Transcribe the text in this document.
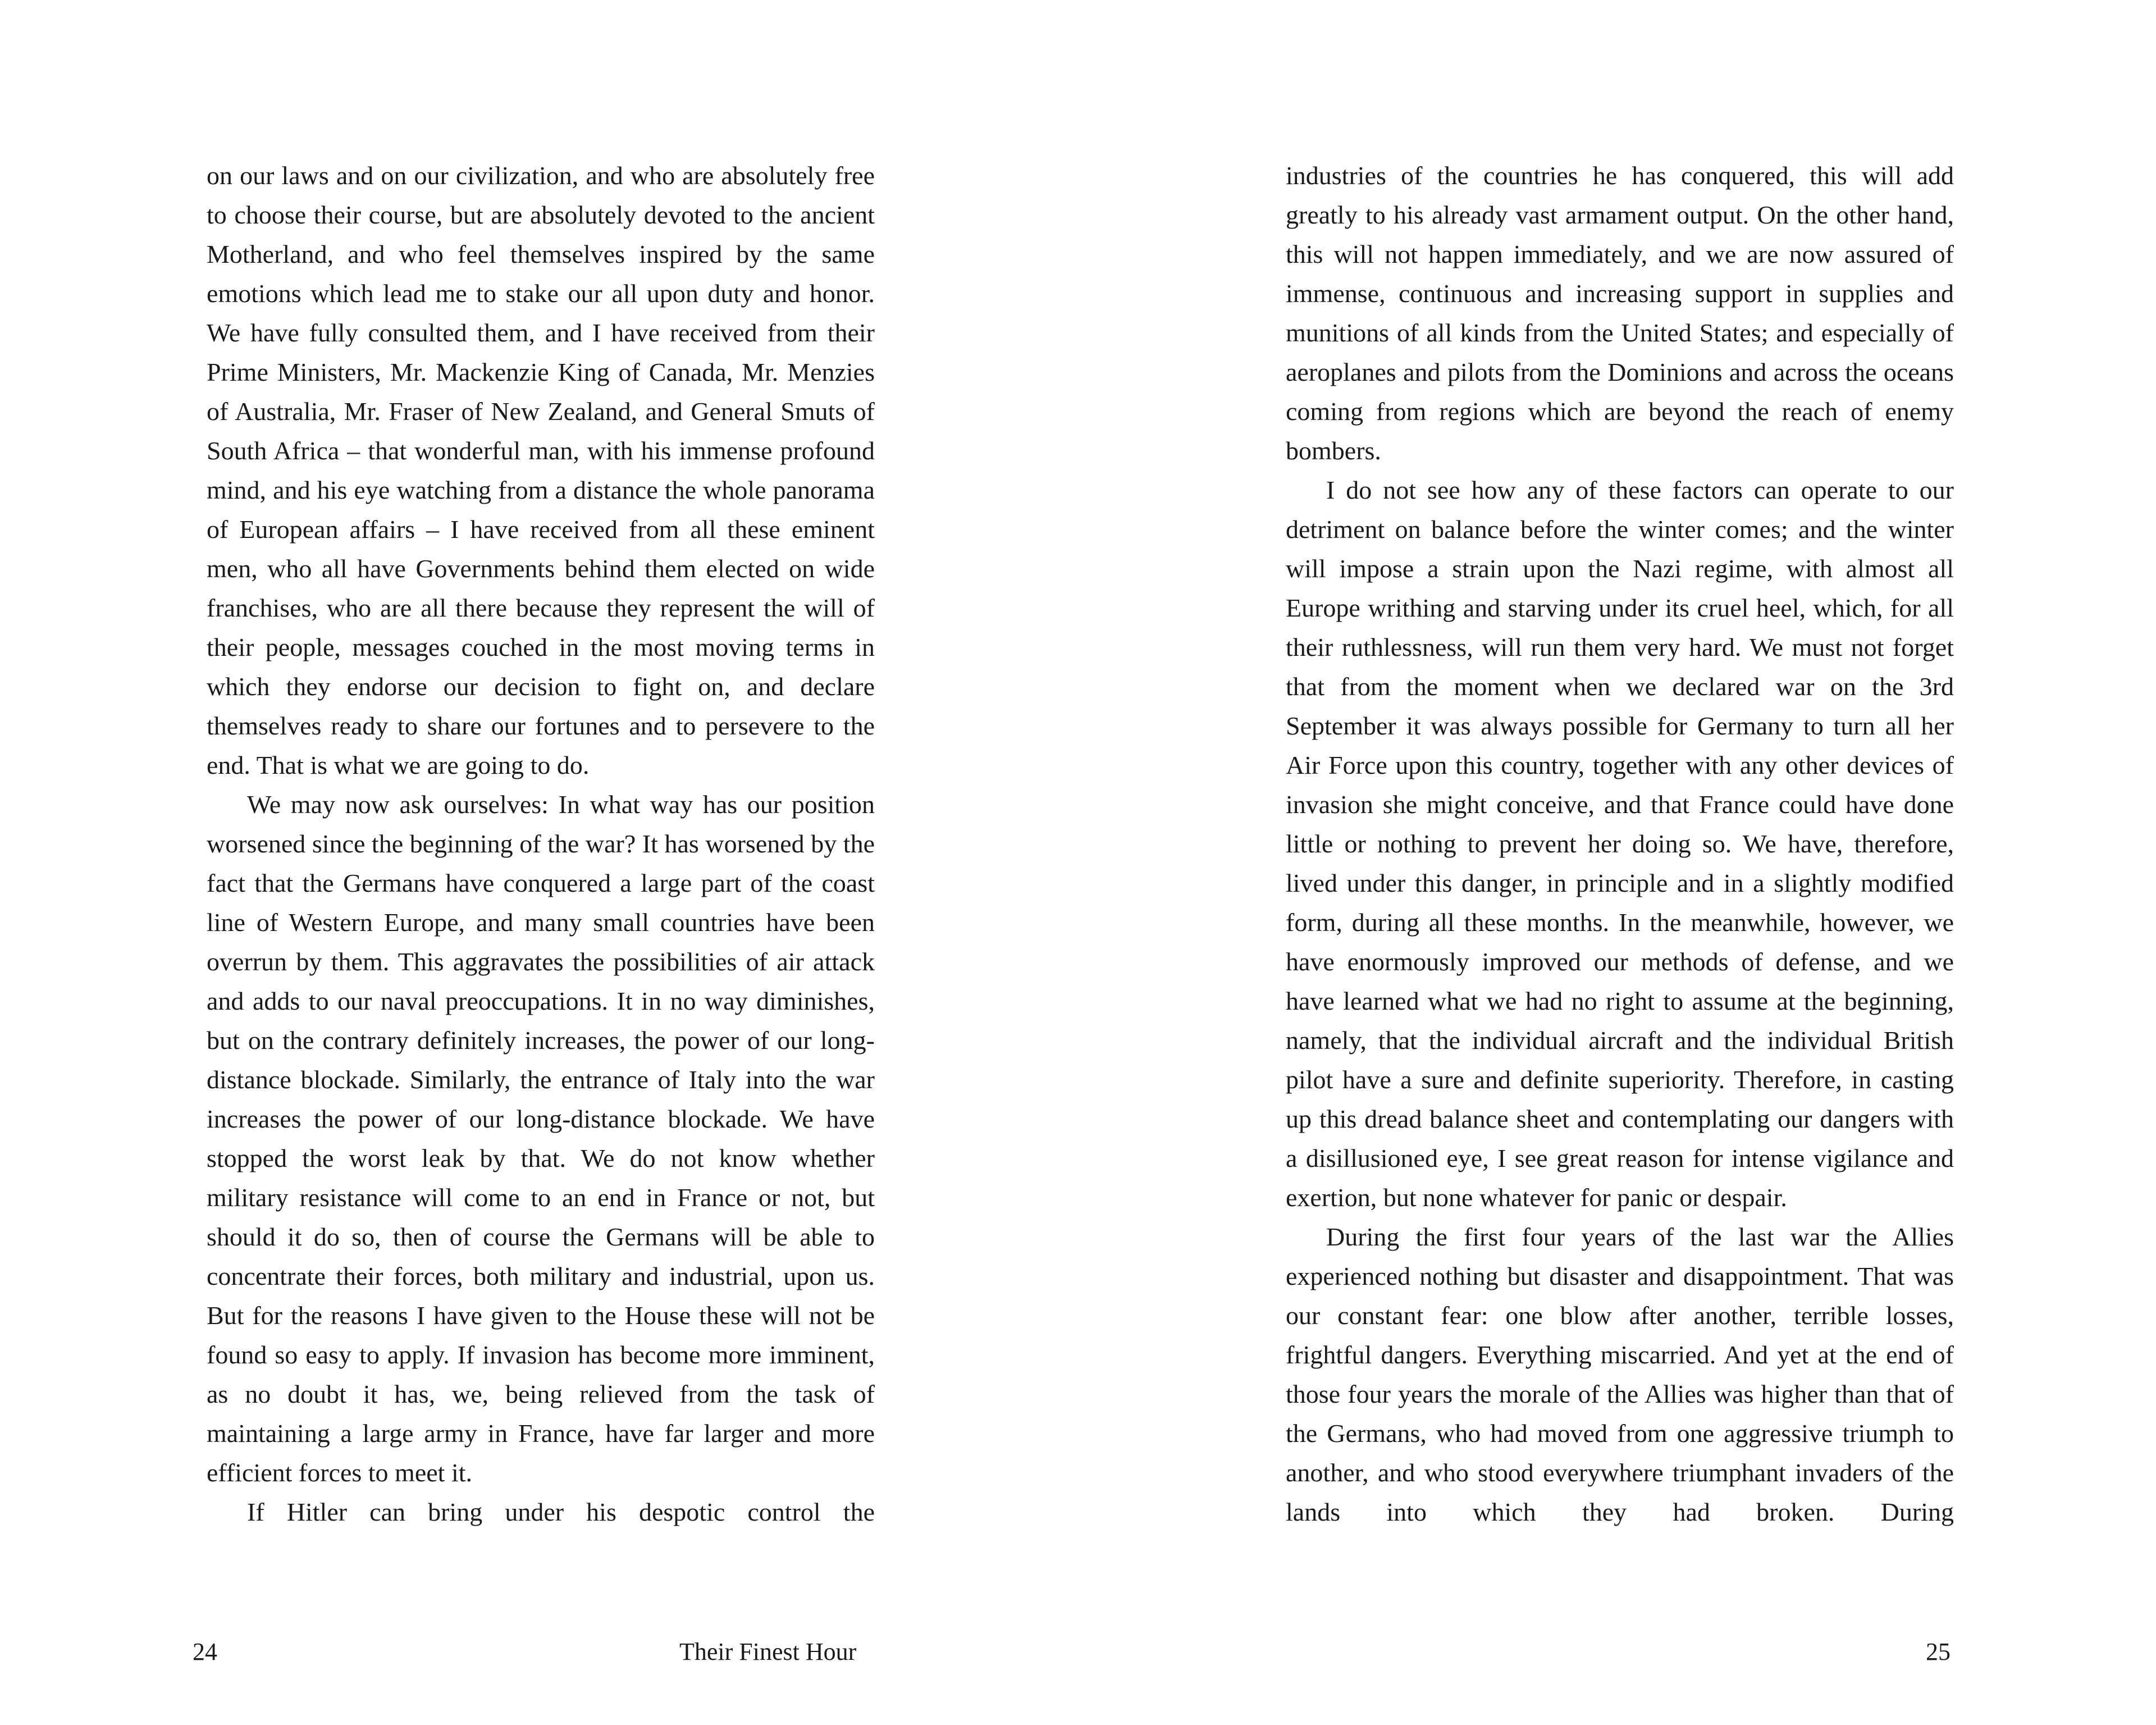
on our laws and on our civilization, and who are absolutely free to choose their course, but are absolutely devoted to the ancient Motherland, and who feel themselves inspired by the same emotions which lead me to stake our all upon duty and honor. We have fully consulted them, and I have received from their Prime Ministers, Mr. Mackenzie King of Canada, Mr. Menzies of Australia, Mr. Fraser of New Zealand, and General Smuts of South Africa – that wonderful man, with his immense profound mind, and his eye watching from a distance the whole panorama of European affairs – I have received from all these eminent men, who all have Governments behind them elected on wide franchises, who are all there because they represent the will of their people, messages couched in the most moving terms in which they endorse our decision to fight on, and declare themselves ready to share our fortunes and to persevere to the end. That is what we are going to do.

We may now ask ourselves: In what way has our position worsened since the beginning of the war? It has worsened by the fact that the Germans have conquered a large part of the coast line of Western Europe, and many small countries have been overrun by them. This aggravates the possibilities of air attack and adds to our naval preoccupations. It in no way diminishes, but on the contrary definitely increases, the power of our long-distance blockade. Similarly, the entrance of Italy into the war increases the power of our long-distance blockade. We have stopped the worst leak by that. We do not know whether military resistance will come to an end in France or not, but should it do so, then of course the Germans will be able to concentrate their forces, both military and industrial, upon us. But for the reasons I have given to the House these will not be found so easy to apply. If invasion has become more imminent, as no doubt it has, we, being relieved from the task of maintaining a large army in France, have far larger and more efficient forces to meet it.

If Hitler can bring under his despotic control the

24	Their Finest Hour

industries of the countries he has conquered, this will add greatly to his already vast armament output. On the other hand, this will not happen immediately, and we are now assured of immense, continuous and increasing support in supplies and munitions of all kinds from the United States; and especially of aeroplanes and pilots from the Dominions and across the oceans coming from regions which are beyond the reach of enemy bombers.

I do not see how any of these factors can operate to our detriment on balance before the winter comes; and the winter will impose a strain upon the Nazi regime, with almost all Europe writhing and starving under its cruel heel, which, for all their ruthlessness, will run them very hard. We must not forget that from the moment when we declared war on the 3rd September it was always possible for Germany to turn all her Air Force upon this country, together with any other devices of invasion she might conceive, and that France could have done little or nothing to prevent her doing so. We have, therefore, lived under this danger, in principle and in a slightly modified form, during all these months. In the meanwhile, however, we have enormously improved our methods of defense, and we have learned what we had no right to assume at the beginning, namely, that the individual aircraft and the individual British pilot have a sure and definite superiority. Therefore, in casting up this dread balance sheet and contemplating our dangers with a disillusioned eye, I see great reason for intense vigilance and exertion, but none whatever for panic or despair.

During the first four years of the last war the Allies experienced nothing but disaster and disappointment. That was our constant fear: one blow after another, terrible losses, frightful dangers. Everything miscarried. And yet at the end of those four years the morale of the Allies was higher than that of the Germans, who had moved from one aggressive triumph to another, and who stood everywhere triumphant invaders of the lands into which they had broken. During

25
